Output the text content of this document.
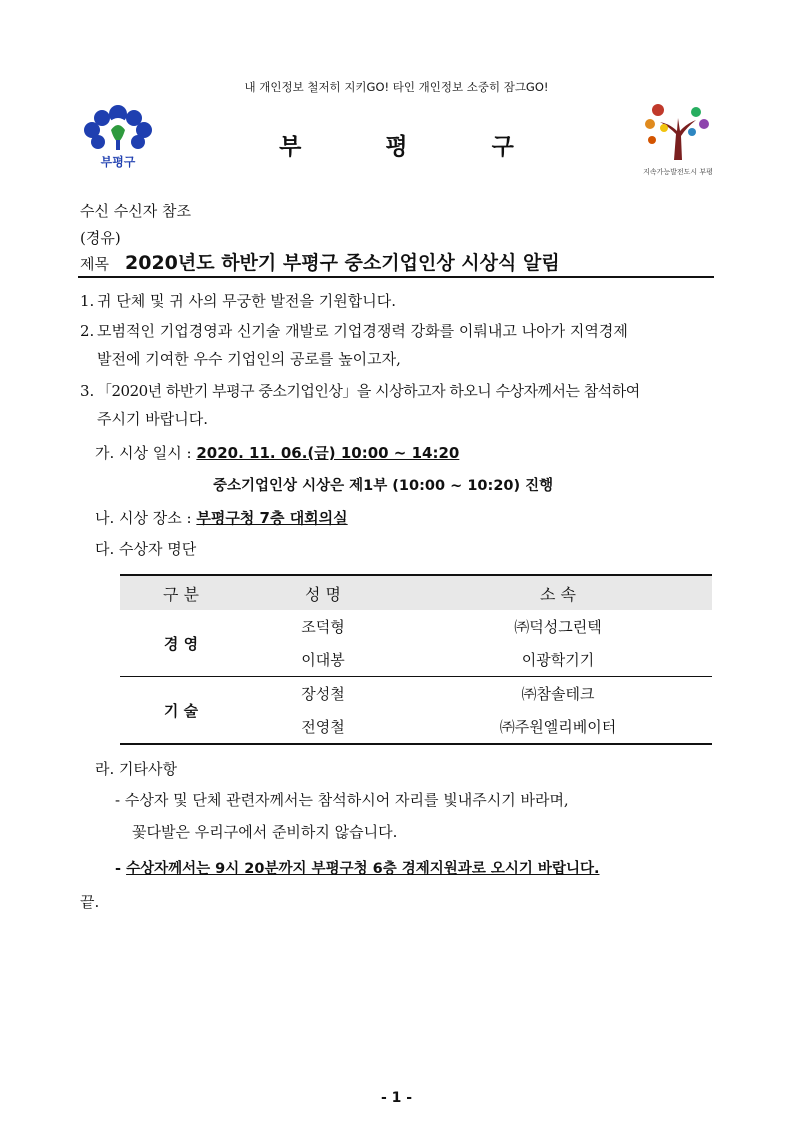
내 개인정보 철저히 지키GO! 타인 개인정보 소중히 잠그GO!
부평구
부	평	구
지속가능발전도시 부평
수신 수신자 참조
(경유)
제목 2020년도 하반기 부평구 중소기업인상 시상식 알림
1. 귀 단체 및 귀 사의 무궁한 발전을 기원합니다.
2. 모범적인 기업경영과 신기술 개발로 기업경쟁력 강화를 이뤄내고 나아가 지역경제
발전에 기여한 우수 기업인의 공로를 높이고자,
3. 「2020년 하반기 부평구 중소기업인상」을 시상하고자 하오니 수상자께서는 참석하여
주시기 바랍니다.
가. 시상 일시 : 2020. 11. 06.(금) 10:00 ~ 14:20
중소기업인상 시상은 제1부 (10:00 ~ 10:20) 진행
나. 시상 장소 : 부평구청 7층 대회의실
다. 수상자 명단
구 분	성 명	소 속
경 영	조덕형	㈜덕성그린텍
	이대봉	이광학기기
기 술	장성철	㈜참솔테크
	전영철	㈜주원엘리베이터
라. 기타사항
- 수상자 및 단체 관련자께서는 참석하시어 자리를 빛내주시기 바라며,
꽃다발은 우리구에서 준비하지 않습니다.
- 수상자께서는 9시 20분까지 부평구청 6층 경제지원과로 오시기 바랍니다.
끝.
- 1 -
